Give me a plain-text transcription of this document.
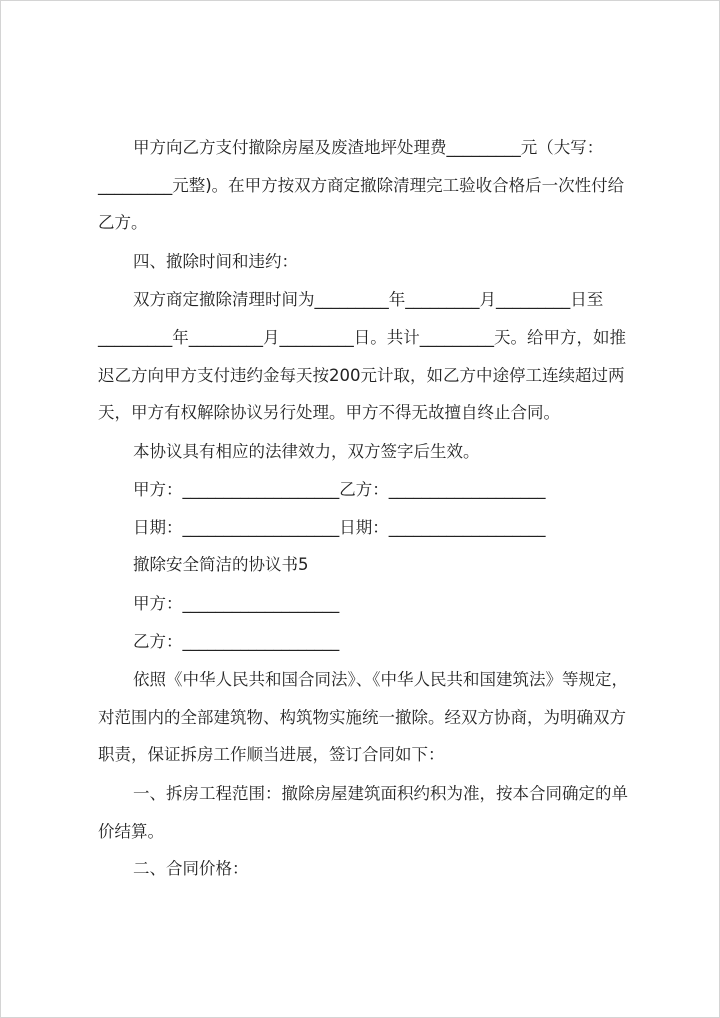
甲方向乙方支付撤除房屋及废渣地坪处理费_________元（大写：
_________元整)。在甲方按双方商定撤除清理完工验收合格后一次性付给
乙方。
四、撤除时间和违约：
双方商定撤除清理时间为_________年_________月_________日至
_________年_________月_________日。共计_________天。给甲方，如推
迟乙方向甲方支付违约金每天按200元计取，如乙方中途停工连续超过两
天，甲方有权解除协议另行处理。甲方不得无故擅自终止合同。
本协议具有相应的法律效力，双方签字后生效。
甲方：___________________乙方：___________________
日期：___________________日期：___________________
撤除安全简洁的协议书5
甲方：___________________
乙方：___________________
依照《中华人民共和国合同法》、《中华人民共和国建筑法》等规定，
对范围内的全部建筑物、构筑物实施统一撤除。经双方协商，为明确双方
职责，保证拆房工作顺当进展，签订合同如下：
一、拆房工程范围：撤除房屋建筑面积约积为准，按本合同确定的单
价结算。
二、合同价格：
